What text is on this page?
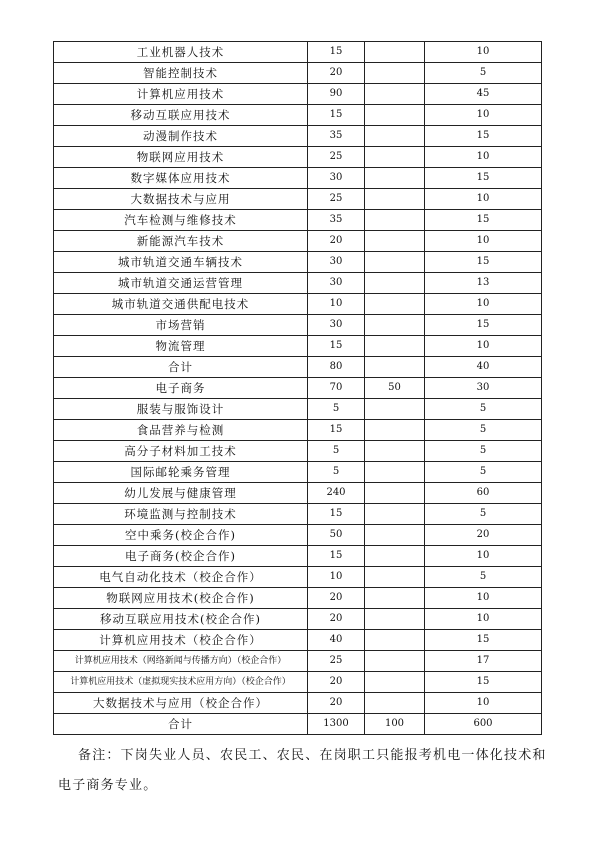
工业机器人技术	15		10
智能控制技术	20		5
计算机应用技术	90		45
移动互联应用技术	15		10
动漫制作技术	35		15
物联网应用技术	25		10
数字媒体应用技术	30		15
大数据技术与应用	25		10
汽车检测与维修技术	35		15
新能源汽车技术	20		10
城市轨道交通车辆技术	30		15
城市轨道交通运营管理	30		13
城市轨道交通供配电技术	10		10
市场营销	30		15
物流管理	15		10
合计	80		40
电子商务	70	50	30
服装与服饰设计	5		5
食品营养与检测	15		5
高分子材料加工技术	5		5
国际邮轮乘务管理	5		5
幼儿发展与健康管理	240		60
环境监测与控制技术	15		5
空中乘务(校企合作)	50		20
电子商务(校企合作)	15		10
电气自动化技术（校企合作）	10		5
物联网应用技术(校企合作)	20		10
移动互联应用技术(校企合作)	20		10
计算机应用技术（校企合作）	40		15
计算机应用技术（网络新闻与传播方向）（校企合作）	25		17
计算机应用技术（虚拟现实技术应用方向）（校企合作）	20		15
大数据技术与应用（校企合作）	20		10
合计	1300	100	600
备注：下岗失业人员、农民工、农民、在岗职工只能报考机电一体化技术和
电子商务专业。
